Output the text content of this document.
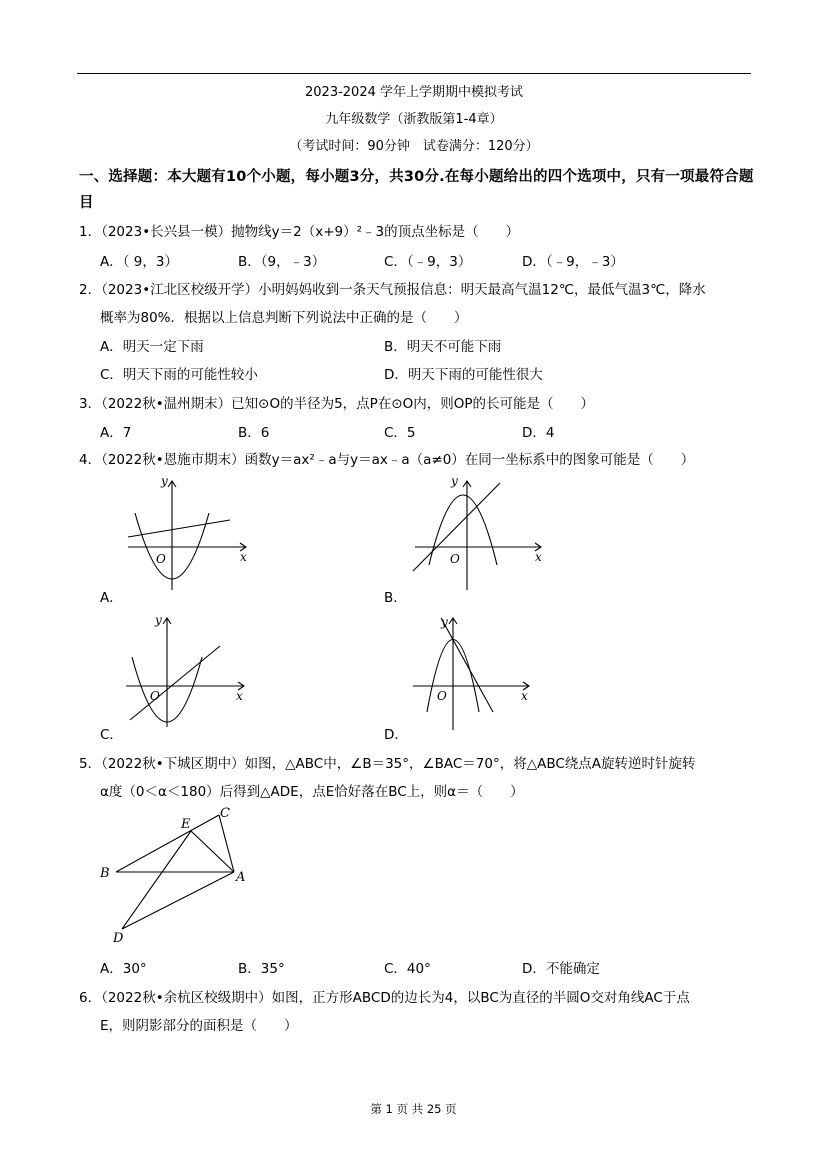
2023-2024 学年上学期期中模拟考试
九年级数学（浙教版第1-4章）
（考试时间：90分钟　试卷满分：120分）
一、选择题：本大题有10个小题，每小题3分，共30分.在每小题给出的四个选项中，只有一项最符合题
目
1．（2023•长兴县一模）抛物线y＝2（x+9）²﹣3的顶点坐标是（　　）
A．（ 9，3）	B．（9，﹣3）	C．（﹣9，3）	D．（﹣9，﹣3）
2．（2023•江北区校级开学）小明妈妈收到一条天气预报信息：明天最高气温12℃，最低气温3℃，降水
概率为80%．根据以上信息判断下列说法中正确的是（　　）
A．明天一定下雨	B．明天不可能下雨
C．明天下雨的可能性较小	D．明天下雨的可能性很大
3．（2022秋•温州期末）已知⊙O的半径为5，点P在⊙O内，则OP的长可能是（　　）
A．7	B．6	C．5	D．4
4．（2022秋•恩施市期末）函数y＝ax²﹣a与y＝ax﹣a（a≠0）在同一坐标系中的图象可能是（　　）
y
x
O
A．
y
x
O
B．
y
x
O
C．
y
x
O
D．
5．（2022秋•下城区期中）如图，△ABC中，∠B＝35°，∠BAC＝70°，将△ABC绕点A旋转逆时针旋转
α度（0＜α＜180）后得到△ADE，点E恰好落在BC上，则α＝（　　）
B	A
C
E
D
A．30°	B．35°	C．40°	D．不能确定
6．（2022秋•余杭区校级期中）如图，正方形ABCD的边长为4，以BC为直径的半圆O交对角线AC于点
E，则阴影部分的面积是（　　）
第 1 页 共 25 页
